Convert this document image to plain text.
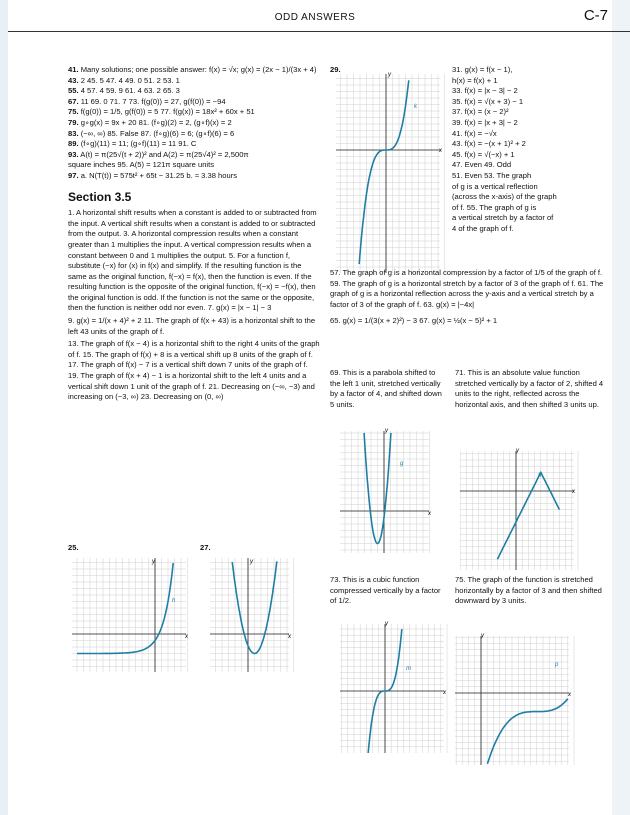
ODD ANSWERS	C-7

41. Many solutions; one possible answer: f(x) = √x; g(x) = (2x − 1)/(3x + 4)

43. 2 45. 5 47. 4 49. 0 51. 2 53. 1

55. 4 57. 4 59. 9 61. 4 63. 2 65. 3

67. 11 69. 0 71. 7 73. f(g(0)) = 27, g(f(0)) = −94

75. f(g(0)) = 1/5, g(f(0)) = 5 77. f(g(x)) = 18x² + 60x + 51

79. g∘g(x) = 9x + 20 81. (f∘g)(2) = 2, (g∘f)(x) = 2

83. (−∞, ∞) 85. False 87. (f∘g)(6) = 6; (g∘f)(6) = 6

89. (f∘g)(11) = 11; (g∘f)(11) = 11 91. C

93. A(t) = π(25√(t + 2))² and A(2) = π(25√4)² = 2,500π

square inches 95. A(5) = 121π square units

97. a. N(T(t)) = 575t² + 65t − 31.25 b. ≈ 3.38 hours

Section 3.5

1. A horizontal shift results when a constant is added to or subtracted from the input. A vertical shift results when a constant is added to or subtracted from the output. 3. A horizontal compression results when a constant greater than 1 multiplies the input. A vertical compression results when a constant between 0 and 1 multiplies the output. 5. For a function f, substitute (−x) for (x) in f(x) and simplify. If the resulting function is the same as the original function, f(−x) = f(x), then the function is even. If the resulting function is the opposite of the original function, f(−x) = −f(x), then the original function is odd. If the function is not the same or the opposite, then the function is neither odd nor even. 7. g(x) = |x − 1| − 3

9. g(x) = 1/(x + 4)² + 2 11. The graph of f(x + 43) is a horizontal shift to the left 43 units of the graph of f.

13. The graph of f(x − 4) is a horizontal shift to the right 4 units of the graph of f. 15. The graph of f(x) + 8 is a vertical shift up 8 units of the graph of f. 17. The graph of f(x) − 7 is a vertical shift down 7 units of the graph of f. 19. The graph of f(x + 4) − 1 is a horizontal shift to the left 4 units and a vertical shift down 1 unit of the graph of f. 21. Decreasing on (−∞, −3) and increasing on (−3, ∞) 23. Decreasing on (0, ∞)

25.	27.
29.
y
x
h
y
x
f
y
x
k

31. g(x) = f(x − 1),

h(x) = f(x) + 1

33. f(x) = |x − 3| − 2

35. f(x) = √(x + 3) − 1

37. f(x) = (x − 2)²

39. f(x) = |x + 3| − 2

41. f(x) = −√x

43. f(x) = −(x + 1)² + 2

45. f(x) = √(−x) + 1

47. Even 49. Odd

51. Even 53. The graph

of g is a vertical reflection

(across the x-axis) of the graph

of f. 55. The graph of g is

a vertical stretch by a factor of

4 of the graph of f.

57. The graph of g is a horizontal compression by a factor of 1/5 of the graph of f. 59. The graph of g is a horizontal stretch by a factor of 3 of the graph of f. 61. The graph of g is a horizontal reflection across the y-axis and a vertical stretch by a factor of 3 of the graph of f. 63. g(x) = |−4x|

65. g(x) = 1/(3(x + 2)²) − 3 67. g(x) = ½(x − 5)² + 1

69. This is a parabola shifted to the left 1 unit, stretched vertically by a factor of 4, and shifted down 5 units.
71. This is an absolute value function stretched vertically by a factor of 2, shifted 4 units to the right, reflected across the horizontal axis, and then shifted 3 units up.
y
x
g
y
x
h
73. This is a cubic function compressed vertically by a factor of 1/2.
75. The graph of the function is stretched horizontally by a factor of 3 and then shifted downward by 3 units.
y
x
m
y
x
p
